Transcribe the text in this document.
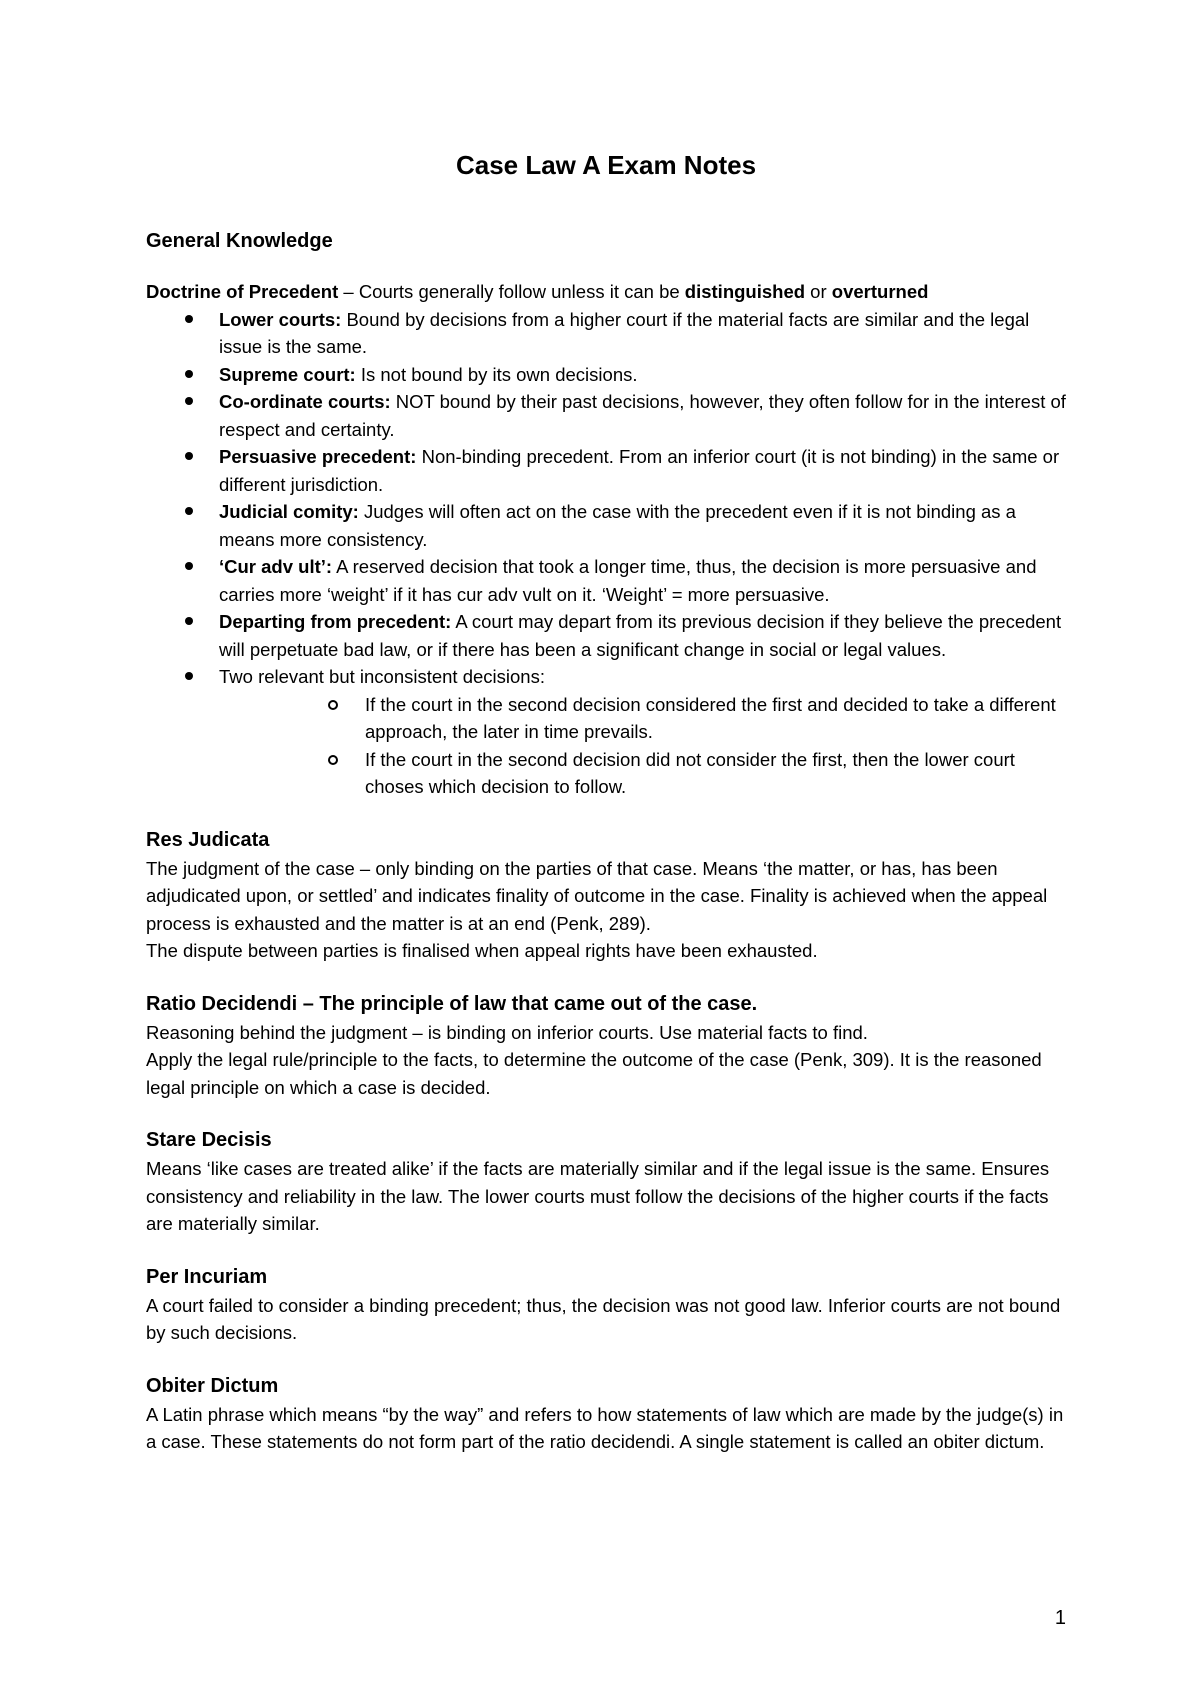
Case Law A Exam Notes
General Knowledge

Doctrine of Precedent – Courts generally follow unless it can be distinguished or overturned

Lower courts: Bound by decisions from a higher court if the material facts are similar and the legal issue is the same.
Supreme court: Is not bound by its own decisions.
Co-ordinate courts: NOT bound by their past decisions, however, they often follow for in the interest of respect and certainty.
Persuasive precedent: Non-binding precedent. From an inferior court (it is not binding) in the same or different jurisdiction.
Judicial comity: Judges will often act on the case with the precedent even if it is not binding as a means more consistency.
‘Cur adv ult’: A reserved decision that took a longer time, thus, the decision is more persuasive and carries more ‘weight’ if it has cur adv vult on it. ‘Weight’ = more persuasive.
Departing from precedent: A court may depart from its previous decision if they believe the precedent will perpetuate bad law, or if there has been a significant change in social or legal values.
Two relevant but inconsistent decisions:
If the court in the second decision considered the first and decided to take a different approach, the later in time prevails.
If the court in the second decision did not consider the first, then the lower court choses which decision to follow.
Res Judicata

The judgment of the case – only binding on the parties of that case. Means ‘the matter, or has, has been adjudicated upon, or settled’ and indicates finality of outcome in the case. Finality is achieved when the appeal process is exhausted and the matter is at an end (Penk, 289).

The dispute between parties is finalised when appeal rights have been exhausted.

Ratio Decidendi – The principle of law that came out of the case.

Reasoning behind the judgment – is binding on inferior courts. Use material facts to find.

Apply the legal rule/principle to the facts, to determine the outcome of the case (Penk, 309). It is the reasoned legal principle on which a case is decided.

Stare Decisis

Means ‘like cases are treated alike’ if the facts are materially similar and if the legal issue is the same. Ensures consistency and reliability in the law. The lower courts must follow the decisions of the higher courts if the facts are materially similar.

Per Incuriam

A court failed to consider a binding precedent; thus, the decision was not good law. Inferior courts are not bound by such decisions.

Obiter Dictum

A Latin phrase which means “by the way” and refers to how statements of law which are made by the judge(s) in a case. These statements do not form part of the ratio decidendi. A single statement is called an obiter dictum.

1
